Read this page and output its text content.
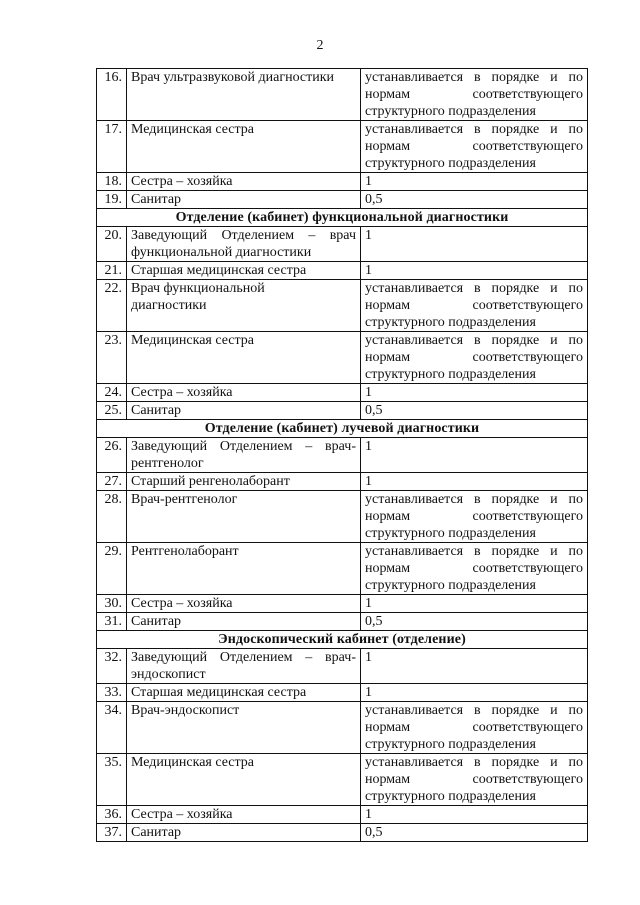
2
16.	Врач ультразвуковой диагностики	устанавливается в порядке и по
нормам соответствующего
структурного подразделения

17.	Медицинская сестра	устанавливается в порядке и по
нормам соответствующего
структурного подразделения

18.	Сестра – хозяйка	1
19.	Санитар	0,5
Отделение (кабинет) функциональной диагностики		
20.	Заведующий Отделением – врач
функциональной диагностики	1
21.	Старшая медицинская сестра	1
22.	Врач функциональной
диагностики	устанавливается в порядке и по
нормам соответствующего
структурного подразделения

23.	Медицинская сестра	устанавливается в порядке и по
нормам соответствующего
структурного подразделения

24.	Сестра – хозяйка	1
25.	Санитар	0,5
Отделение (кабинет) лучевой диагностики		
26.	Заведующий Отделением – врач-
рентгенолог	1
27.	Старший ренгенолаборант	1
28.	Врач-рентгенолог	устанавливается в порядке и по
нормам соответствующего
структурного подразделения

29.	Рентгенолаборант	устанавливается в порядке и по
нормам соответствующего
структурного подразделения

30.	Сестра – хозяйка	1
31.	Санитар	0,5
Эндоскопический кабинет (отделение)		
32.	Заведующий Отделением – врач-
эндоскопист	1
33.	Старшая медицинская сестра	1
34.	Врач-эндоскопист	устанавливается в порядке и по
нормам соответствующего
структурного подразделения

35.	Медицинская сестра	устанавливается в порядке и по
нормам соответствующего
структурного подразделения

36.	Сестра – хозяйка	1
37.	Санитар	0,5
